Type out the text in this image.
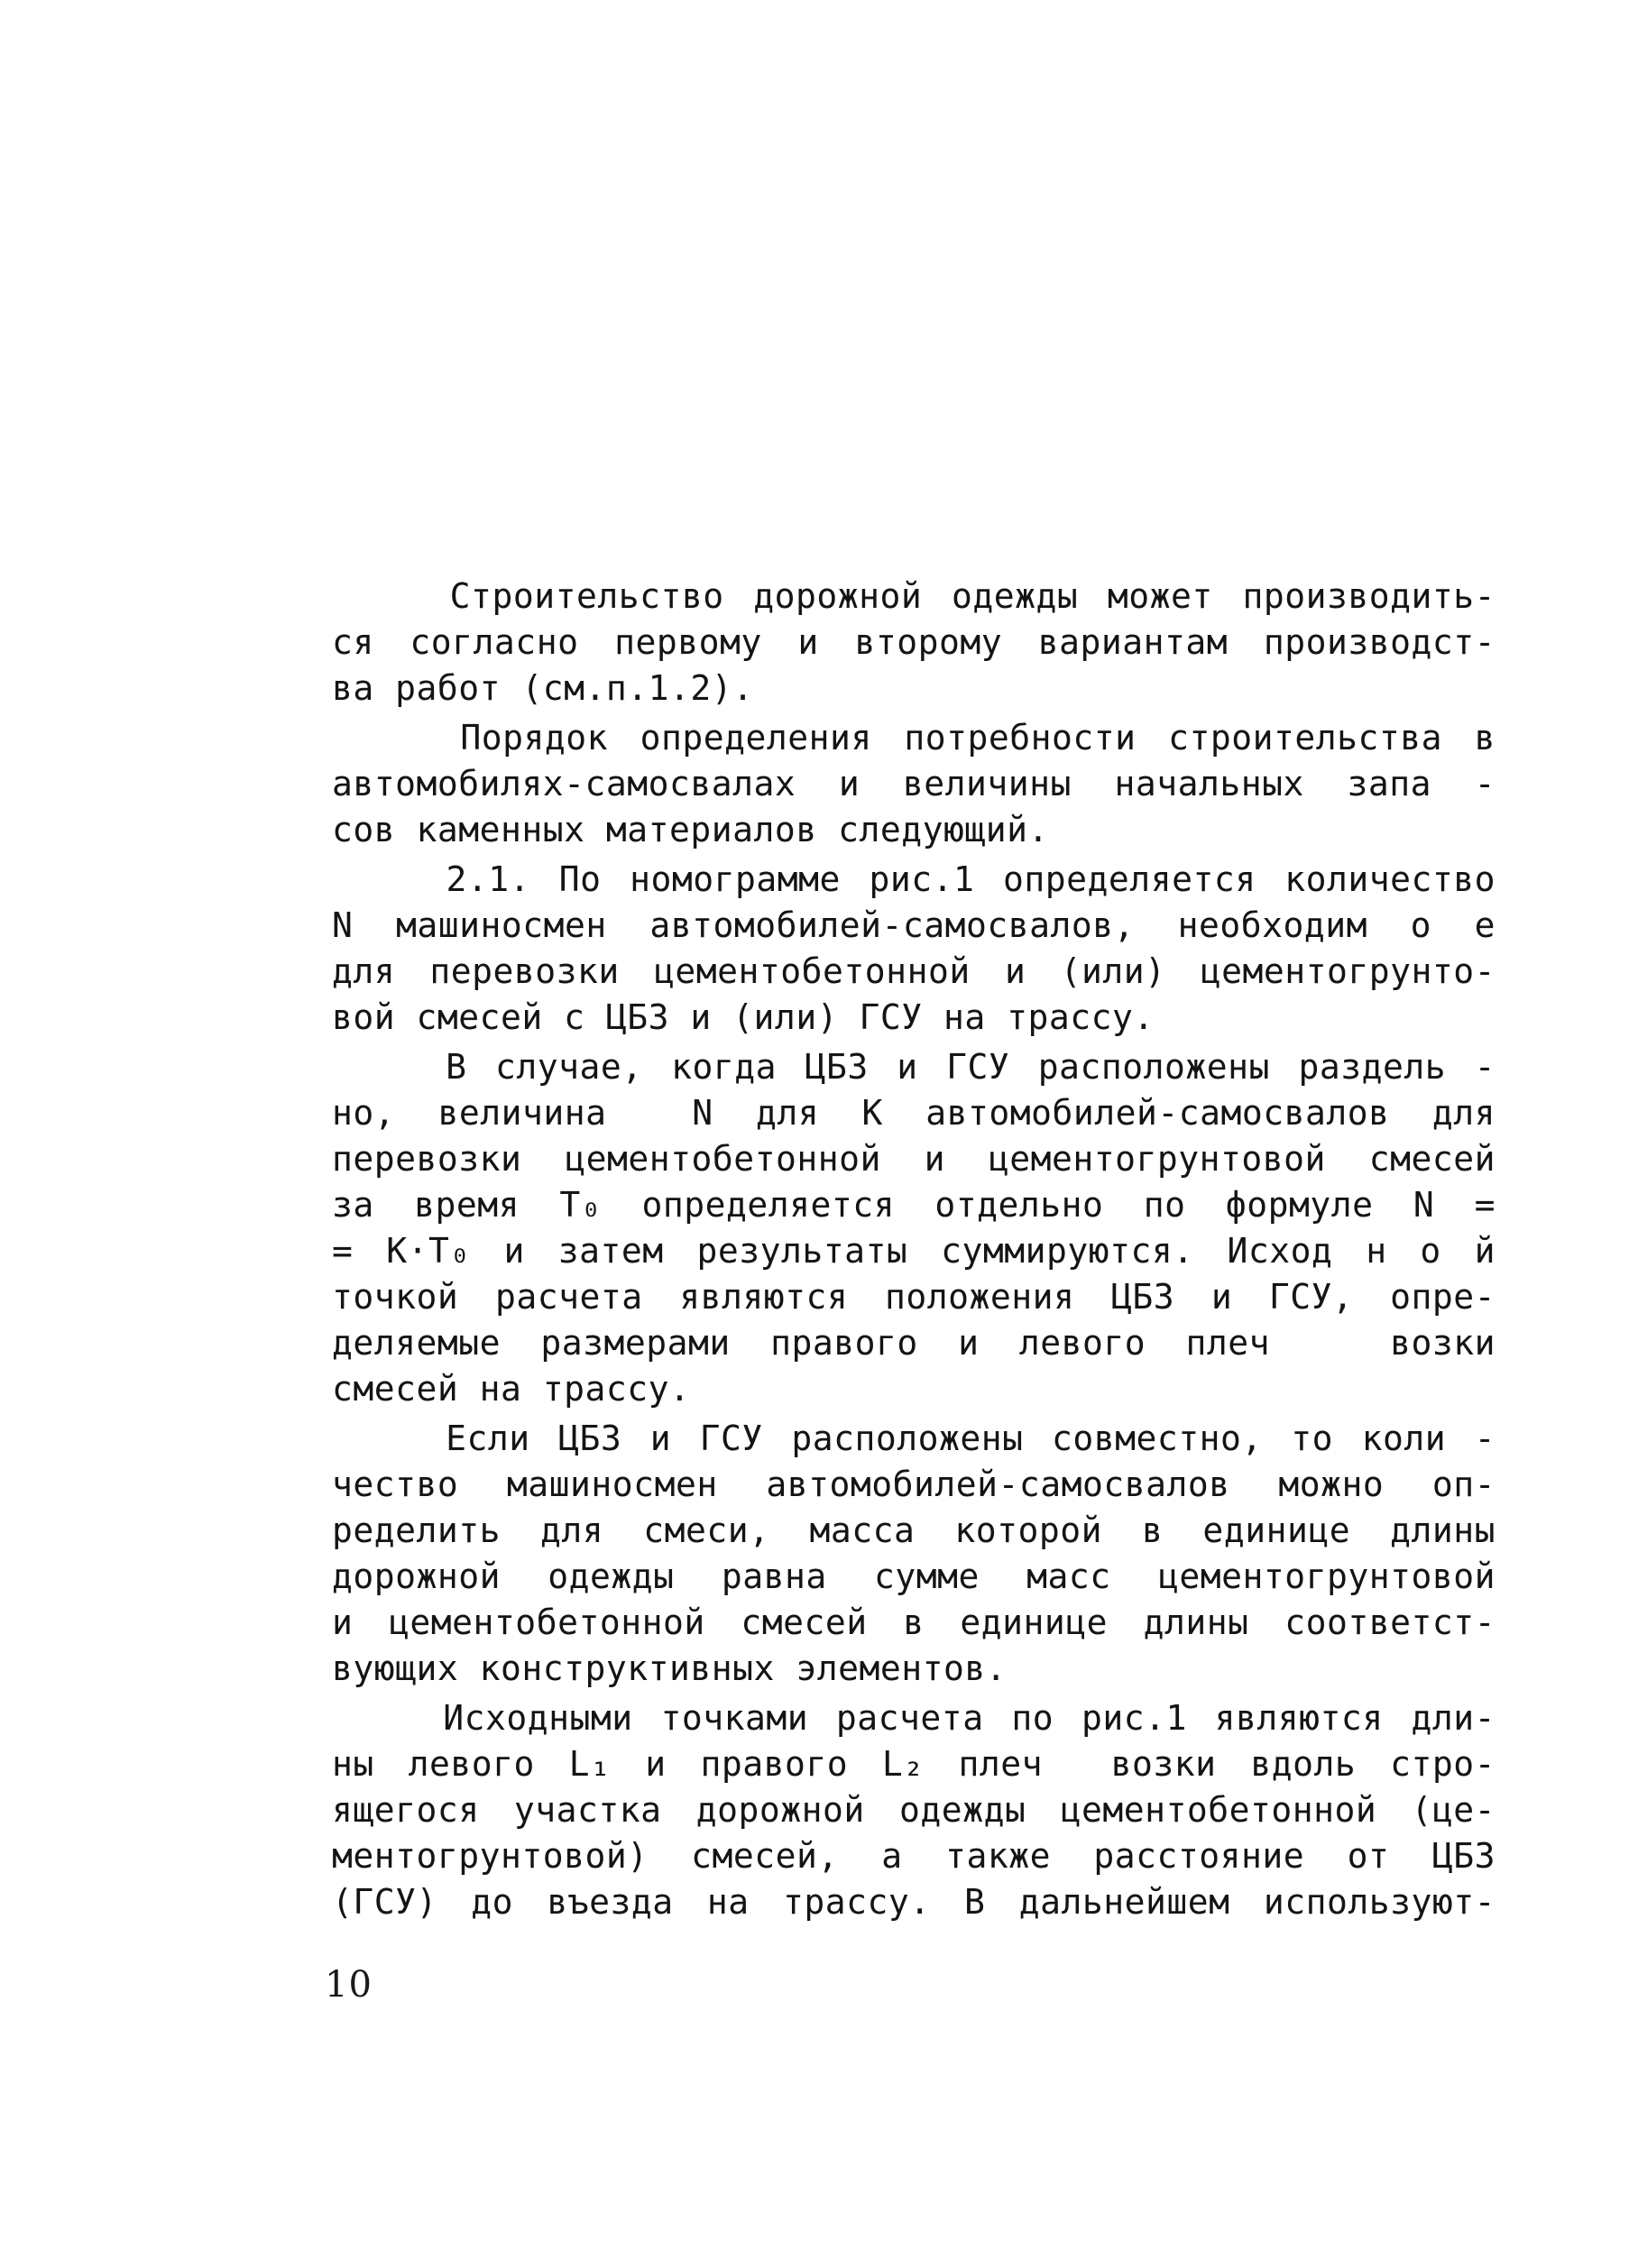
Строительство дорожной одежды может производить-
ся согласно первому и второму вариантам производст-
ва работ (см.п.1.2).
Порядок определения потребности строительства в
автомобилях-самосвалах и величины начальных запа -
сов каменных материалов следующий.
2.1. По номограмме рис.1 определяется количество
N машиносмен автомобилей-самосвалов, необходим о е
для перевозки цементобетонной и (или) цементогрунто-
вой смесей с ЦБЗ и (или) ГСУ на трассу.
В случае, когда ЦБЗ и ГСУ расположены раздель -
но, величина  N для K автомобилей-самосвалов для
перевозки цементобетонной и цементогрунтовой смесей
за время T₀ определяется отдельно по формуле N =
= K·T₀ и затем результаты суммируются. Исход н о й
точкой расчета являются положения ЦБЗ и ГСУ, опре-
деляемые размерами правого и левого плеч   возки
смесей на трассу.
Если ЦБЗ и ГСУ расположены совместно, то коли -
чество машиносмен автомобилей-самосвалов можно оп-
ределить для смеси, масса которой в единице длины
дорожной одежды равна сумме масс цементогрунтовой
и цементобетонной смесей в единице длины соответст-
вующих конструктивных элементов.
Исходными точками расчета по рис.1 являются дли-
ны левого L₁ и правого L₂ плеч  возки вдоль стро-
ящегося участка дорожной одежды цементобетонной (це-
ментогрунтовой) смесей, а также расстояние от ЦБЗ
(ГСУ) до въезда на трассу. В дальнейшем используют-
10
